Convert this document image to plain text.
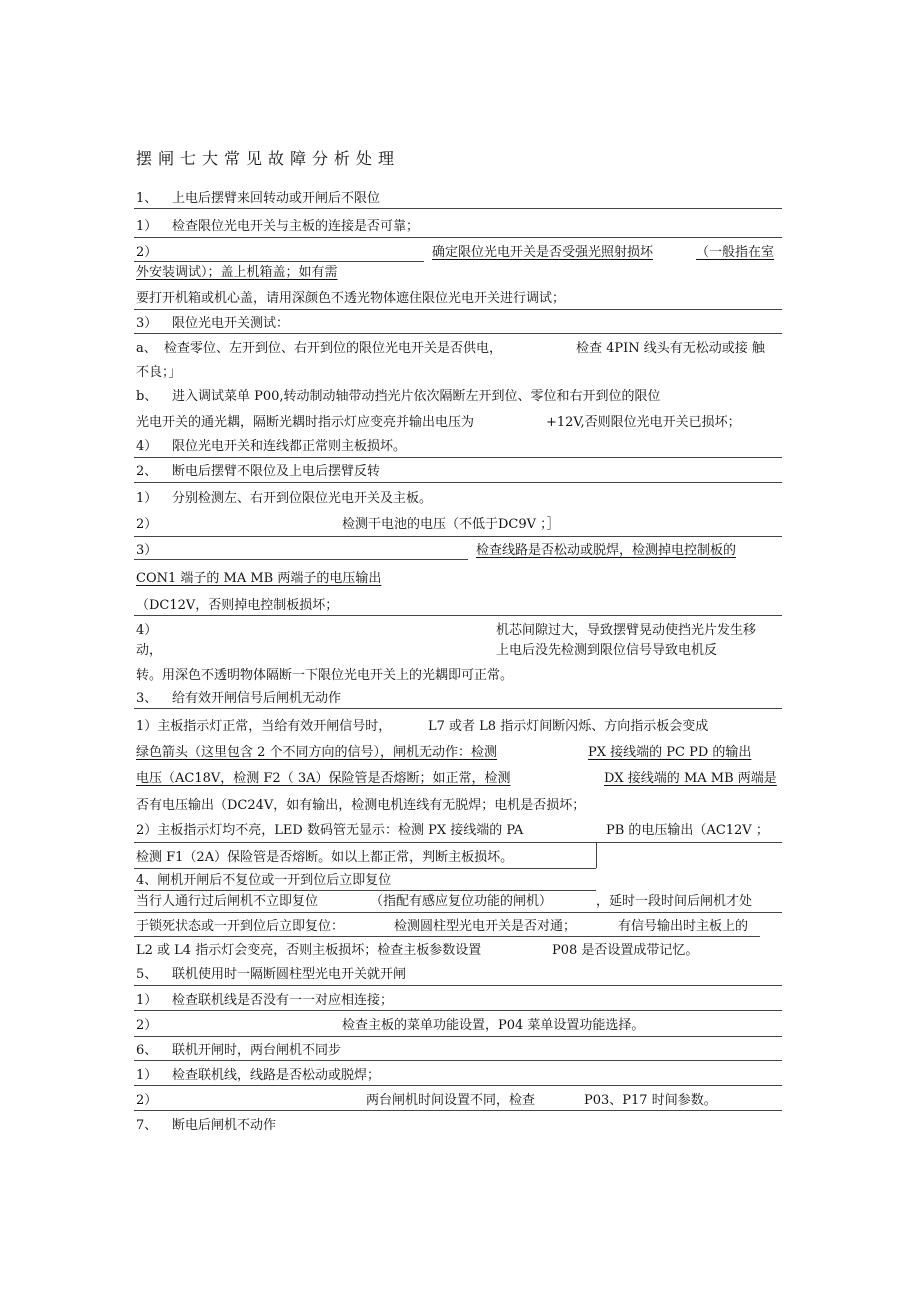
摆闸七大常见故障分析处理
1、 上电后摆臂来回转动或开闸后不限位
1） 检查限位光电开关与主板的连接是否可靠；
2）	确定限位光电开关是否受强光照射损坏	（一般指在室
外安装调试）；盖上机箱盖；如有需
要打开机箱或机心盖，请用深颜色不透光物体遮住限位光电开关进行调试；
3） 限位光电开关测试：
a、 检查零位、左开到位、右开到位的限位光电开关是否供电，	检查 4PIN 线头有无松动或接 触
不良；」
b、 进入调试菜单 P00,转动制动轴带动挡光片依次隔断左开到位、零位和右开到位的限位
光电开关的通光耦，隔断光耦时指示灯应变亮并输出电压为	+12V,否则限位光电开关已损坏；
4） 限位光电开关和连线都正常则主板损坏。
2、 断电后摆臂不限位及上电后摆臂反转
1） 分别检测左、右开到位限位光电开关及主板。
2）	检测干电池的电压（不低于DC9V ；］
3）	检查线路是否松动或脱焊，检测掉电控制板的
CON1 端子的 MA MB 两端子的电压输出
（DC12V，否则掉电控制板损坏；
4）	机芯间隙过大，导致摆臂晃动使挡光片发生移
动，	上电后没先检测到限位信号导致电机反
转。用深色不透明物体隔断一下限位光电开关上的光耦即可正常。
3、 给有效开闸信号后闸机无动作
1）主板指示灯正常，当给有效开闸信号时，	L7 或者 L8 指示灯间断闪烁、方向指示板会变成
绿色箭头（这里包含 2 个不同方向的信号），闸机无动作：检测	PX 接线端的 PC PD 的输出
电压（AC18V，检测 F2（ 3A）保险管是否熔断；如正常，检测	DX 接线端的 MA MB 两端是
否有电压输出（DC24V，如有输出，检测电机连线有无脱焊；电机是否损坏；
2）主板指示灯均不亮，LED 数码管无显示：检测 PX 接线端的 PA	PB 的电压输出（AC12V ；
检测 F1（2A）保险管是否熔断。如以上都正常，判断主板损坏。
4、闸机开闸后不复位或一开到位后立即复位
当行人通行过后闸机不立即复位	（指配有感应复位功能的闸机）	，延时一段时间后闸机才处
于锁死状态或一开到位后立即复位：	检测圆柱型光电开关是否对通；	有信号输出时主板上的
L2 或 L4 指示灯会变亮，否则主板损坏；检查主板参数设置	P08 是否设置成带记忆。
5、 联机使用时一隔断圆柱型光电开关就开闸
1） 检查联机线是否没有一一对应相连接；
2）	检查主板的菜单功能设置，P04 菜单设置功能选择。
6、 联机开闸时，两台闸机不同步
1） 检查联机线，线路是否松动或脱焊；
2）	两台闸机时间设置不同，检查	P03、P17 时间参数。
7、 断电后闸机不动作
